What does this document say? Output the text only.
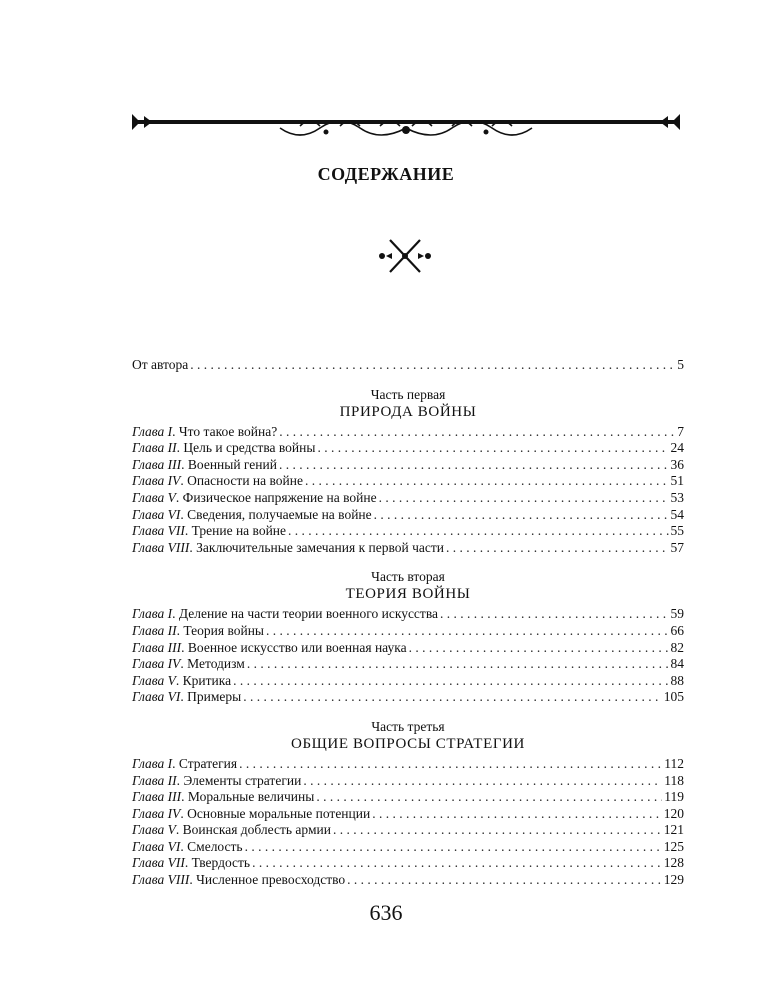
СОДЕРЖАНИЕ
От автора . . .	5
Часть первая
ПРИРОДА ВОЙНЫ
Глава I. Что такое война? . . .	7
Глава II. Цель и средства войны . . .	24
Глава III. Военный гений . . .	36
Глава IV. Опасности на войне . . .	51
Глава V. Физическое напряжение на войне . . .	53
Глава VI. Сведения, получаемые на войне . . .	54
Глава VII. Трение на войне . . .	55
Глава VIII. Заключительные замечания к первой части . . .	57
Часть вторая
ТЕОРИЯ ВОЙНЫ
Глава I. Деление на части теории военного искусства . . .	59
Глава II. Теория войны . . .	66
Глава III. Военное искусство или военная наука . . .	82
Глава IV. Методизм . . .	84
Глава V. Критика . . .	88
Глава VI. Примеры . . .	105
Часть третья
ОБЩИЕ ВОПРОСЫ СТРАТЕГИИ
Глава I. Стратегия . . .	112
Глава II. Элементы стратегии . . .	118
Глава III. Моральные величины . . .	119
Глава IV. Основные моральные потенции . . .	120
Глава V. Воинская доблесть армии . . .	121
Глава VI. Смелость . . .	125
Глава VII. Твердость . . .	128
Глава VIII. Численное превосходство . . .	129
636
